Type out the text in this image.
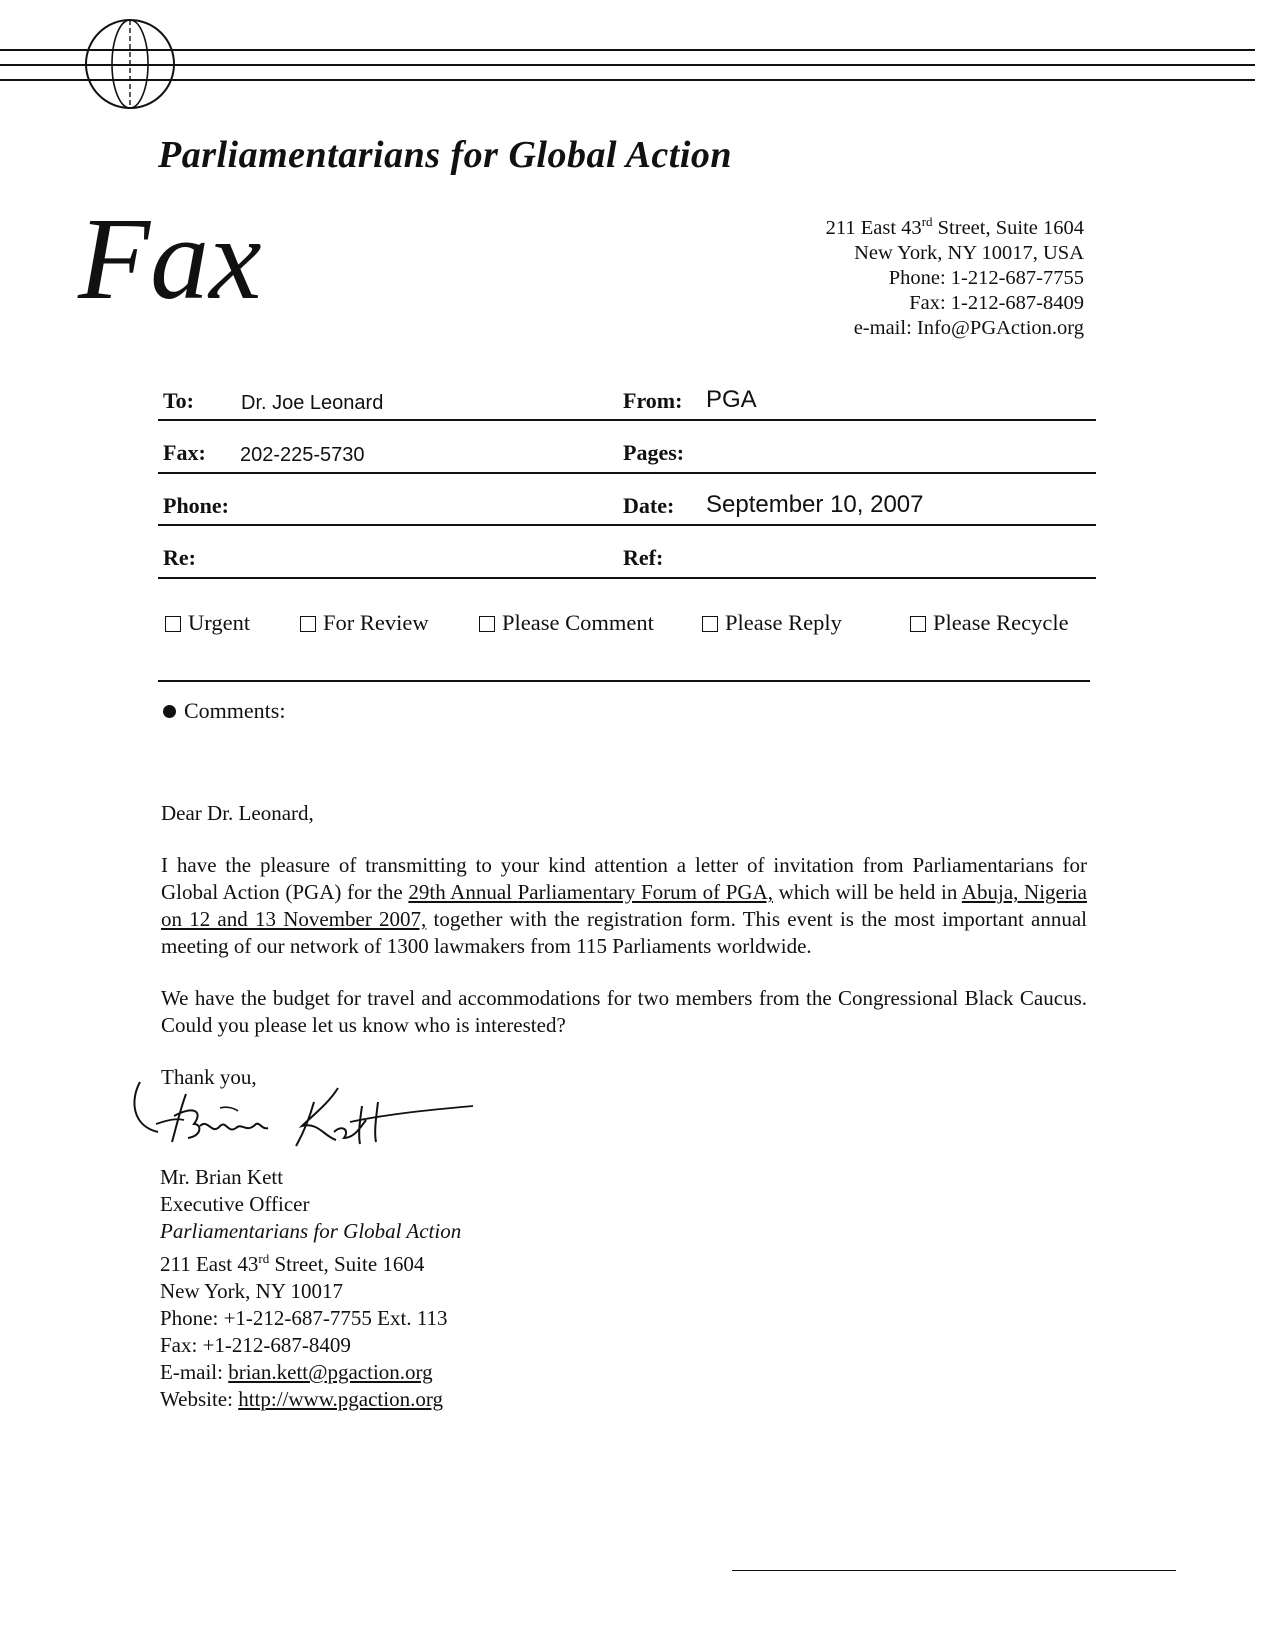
Parliamentarians for Global Action
Fax	211 East 43rd Street, Suite 1604
New York, NY 10017, USA
Phone: 1-212-687-7755
Fax: 1-212-687-8409
e-mail: Info@PGAction.org
To: Dr. Joe Leonard	From: PGA
Fax: 202-225-5730	Pages:
Phone:	Date: September 10, 2007
Re:	Ref:
Urgent	For Review	Please Comment	Please Reply	Please Recycle
Comments:
Dear Dr. Leonard,
I have the pleasure of transmitting to your kind attention a letter of invitation from Parliamentarians for Global Action (PGA) for the 29th Annual Parliamentary Forum of PGA, which will be held in Abuja, Nigeria on 12 and 13 November 2007, together with the registration form. This event is the most important annual meeting of our network of 1300 lawmakers from 115 Parliaments worldwide.
We have the budget for travel and accommodations for two members from the Congressional Black Caucus. Could you please let us know who is interested?
Thank you,
Mr. Brian Kett
Executive Officer
Parliamentarians for Global Action
211 East 43rd Street, Suite 1604
New York, NY 10017
Phone: +1-212-687-7755 Ext. 113
Fax: +1-212-687-8409
E-mail: brian.kett@pgaction.org
Website: http://www.pgaction.org
